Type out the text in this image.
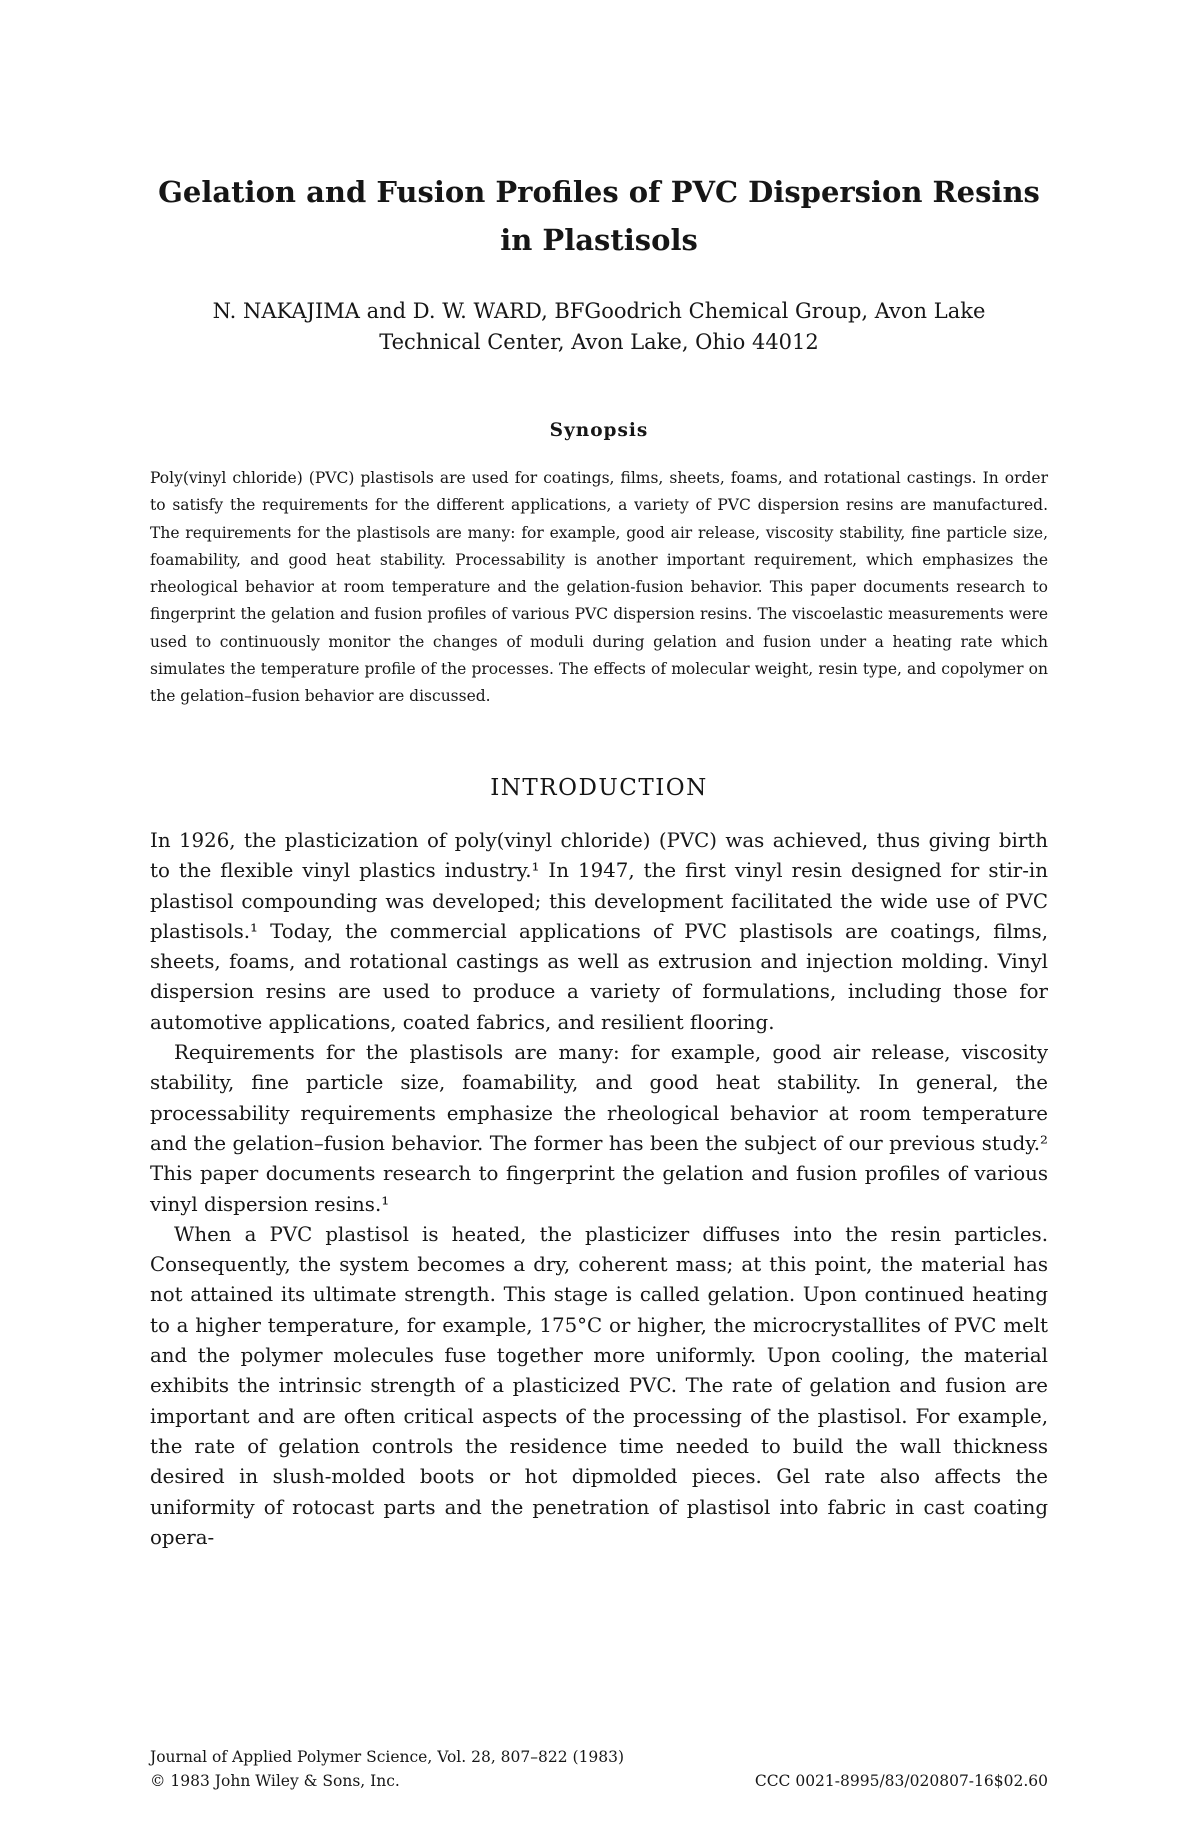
Gelation and Fusion Profiles of PVC Dispersion Resins
in Plastisols
N. NAKAJIMA and D. W. WARD, BFGoodrich Chemical Group, Avon Lake
Technical Center, Avon Lake, Ohio 44012
Synopsis

Poly(vinyl chloride) (PVC) plastisols are used for coatings, films, sheets, foams, and rotational castings. In order to satisfy the requirements for the different applications, a variety of PVC dispersion resins are manufactured. The requirements for the plastisols are many: for example, good air release, viscosity stability, fine particle size, foamability, and good heat stability. Processability is another important requirement, which emphasizes the rheological behavior at room temperature and the gelation-fusion behavior. This paper documents research to fingerprint the gelation and fusion profiles of various PVC dispersion resins. The viscoelastic measurements were used to continuously monitor the changes of moduli during gelation and fusion under a heating rate which simulates the temperature profile of the processes. The effects of molecular weight, resin type, and copolymer on the gelation–fusion behavior are discussed.

INTRODUCTION

In 1926, the plasticization of poly(vinyl chloride) (PVC) was achieved, thus giving birth to the flexible vinyl plastics industry.¹ In 1947, the first vinyl resin designed for stir-in plastisol compounding was developed; this development facilitated the wide use of PVC plastisols.¹ Today, the commercial applications of PVC plastisols are coatings, films, sheets, foams, and rotational castings as well as extrusion and injection molding. Vinyl dispersion resins are used to produce a variety of formulations, including those for automotive applications, coated fabrics, and resilient flooring.

Requirements for the plastisols are many: for example, good air release, viscosity stability, fine particle size, foamability, and good heat stability. In general, the processability requirements emphasize the rheological behavior at room temperature and the gelation–fusion behavior. The former has been the subject of our previous study.² This paper documents research to fingerprint the gelation and fusion profiles of various vinyl dispersion resins.¹

When a PVC plastisol is heated, the plasticizer diffuses into the resin particles. Consequently, the system becomes a dry, coherent mass; at this point, the material has not attained its ultimate strength. This stage is called gelation. Upon continued heating to a higher temperature, for example, 175°C or higher, the microcrystallites of PVC melt and the polymer molecules fuse together more uniformly. Upon cooling, the material exhibits the intrinsic strength of a plasticized PVC. The rate of gelation and fusion are important and are often critical aspects of the processing of the plastisol. For example, the rate of gelation controls the residence time needed to build the wall thickness desired in slush-molded boots or hot dipmolded pieces. Gel rate also affects the uniformity of rotocast parts and the penetration of plastisol into fabric in cast coating opera-

Journal of Applied Polymer Science, Vol. 28, 807–822 (1983)
© 1983 John Wiley & Sons, Inc.	CCC 0021-8995/83/020807-16$02.60
